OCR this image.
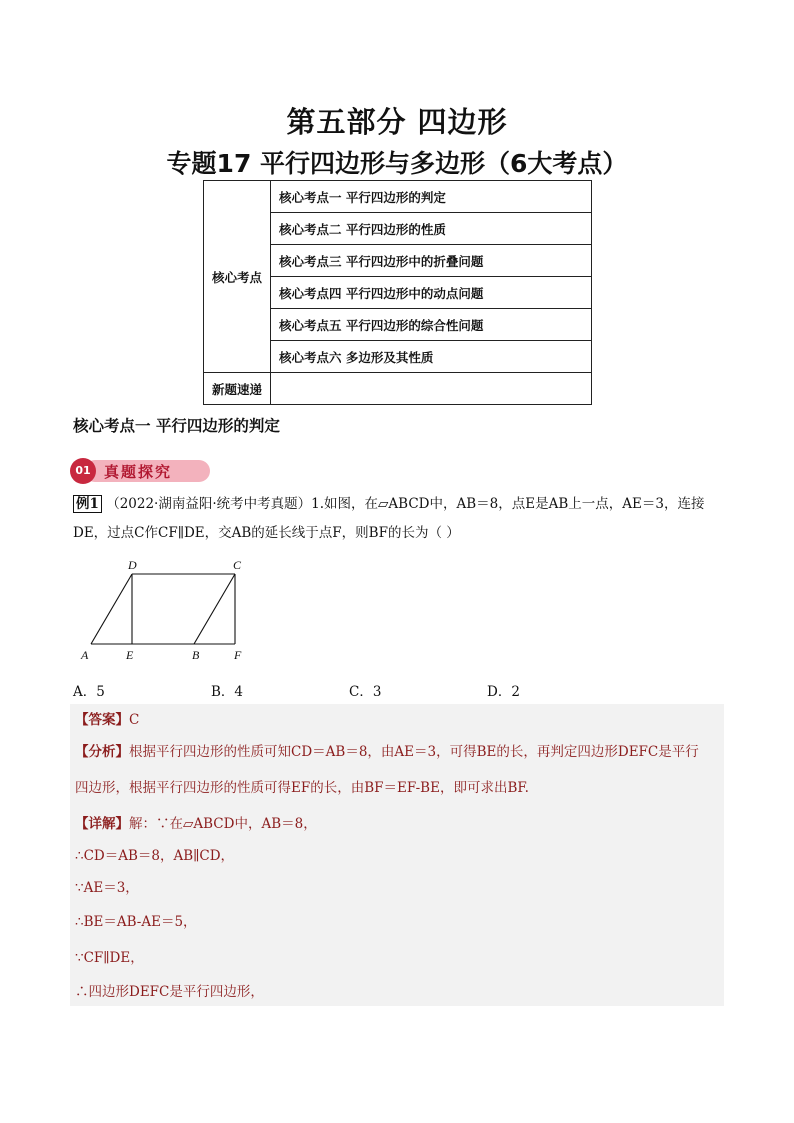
第五部分 四边形
专题17 平行四边形与多边形（6大考点）
核心考点	核心考点一 平行四边形的判定
	核心考点二 平行四边形的性质
	核心考点三 平行四边形中的折叠问题
	核心考点四 平行四边形中的动点问题
	核心考点五 平行四边形的综合性问题
	核心考点六 多边形及其性质
新题速递	
核心考点一 平行四边形的判定
01 真题探究
例1 （2022·湖南益阳·统考中考真题）1.如图，在▱ABCD中，AB＝8，点E是AB上一点，AE＝3，连接
DE，过点C作CF∥DE，交AB的延长线于点F，则BF的长为（ ）
D	C
A	E	B	F
A．5	B．4	C．3	D．2
【答案】C
【分析】根据平行四边形的性质可知CD＝AB＝8，由AE＝3，可得BE的长，再判定四边形DEFC是平行
四边形，根据平行四边形的性质可得EF的长，由BF＝EF-BE，即可求出BF.
【详解】解：∵在▱ABCD中，AB＝8，
∴CD＝AB＝8，AB∥CD，
∵AE＝3，
∴BE＝AB-AE＝5，
∵CF∥DE，
∴四边形DEFC是平行四边形，
